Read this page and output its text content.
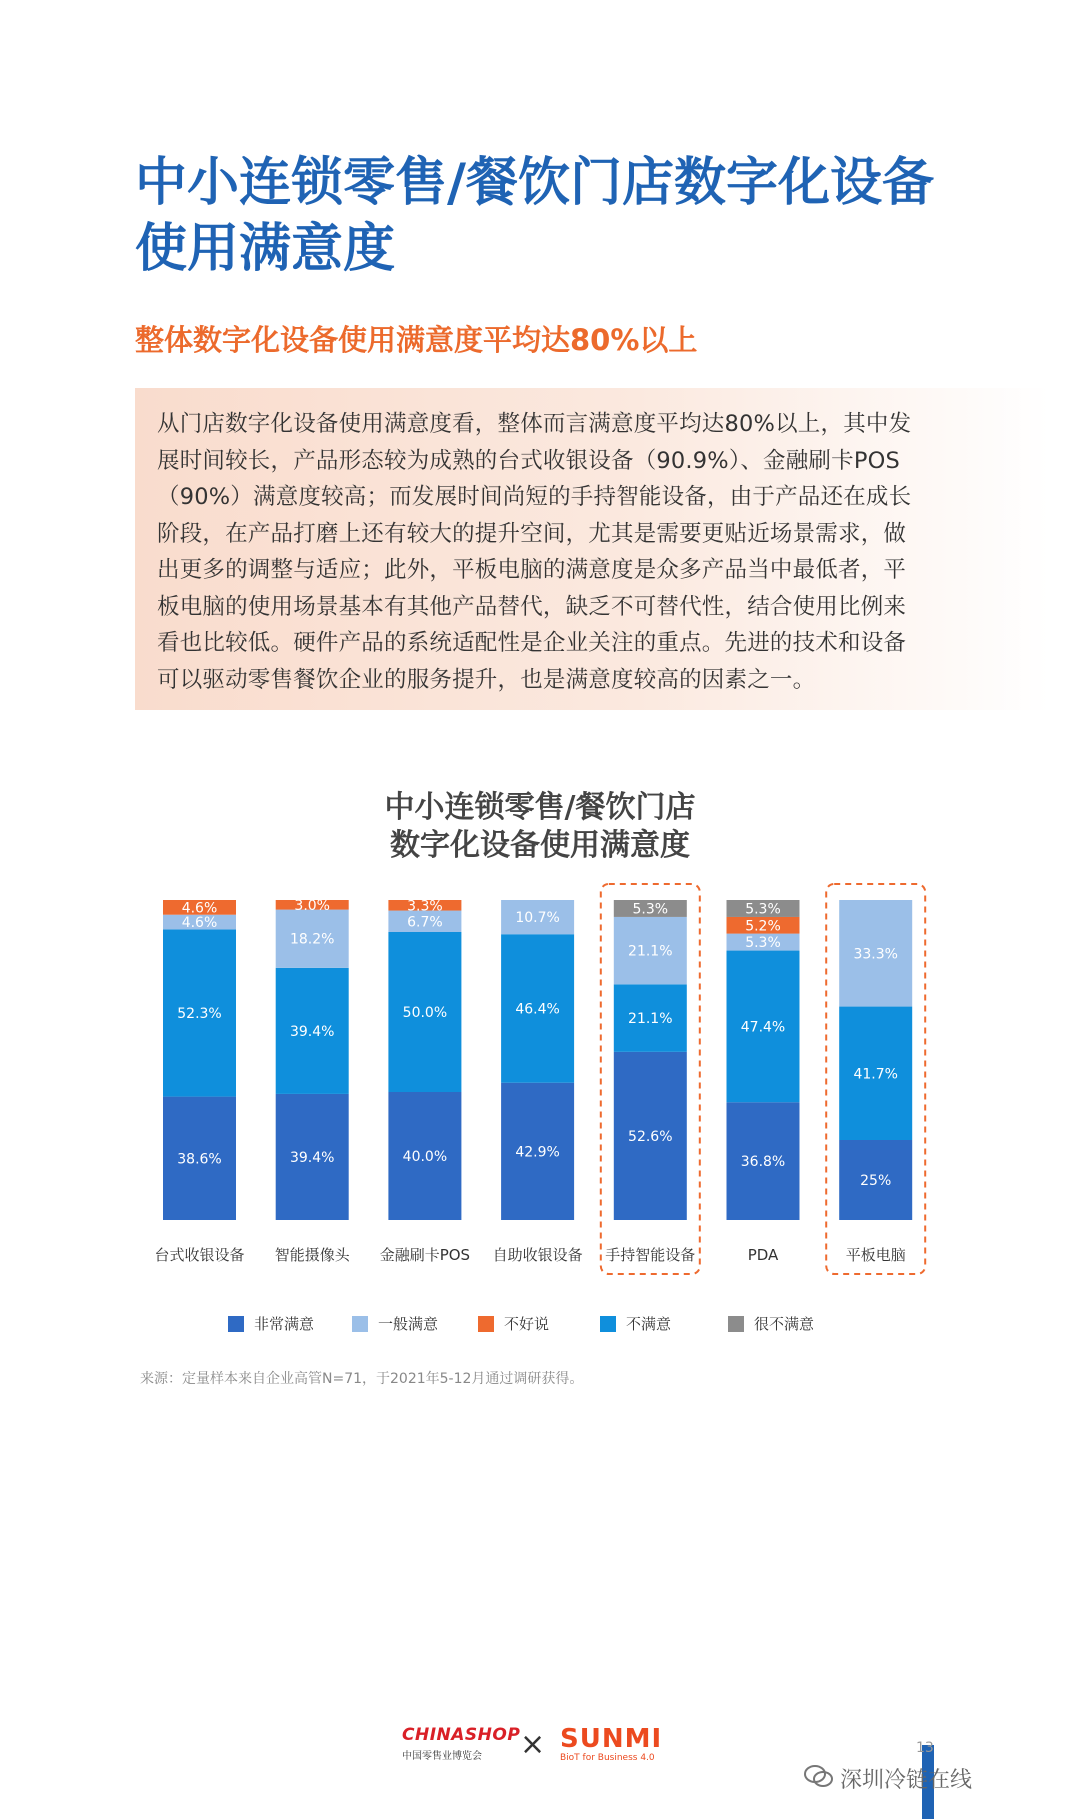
中小连锁零售/餐饮门店数字化设备
使用满意度
整体数字化设备使用满意度平均达80%以上

从门店数字化设备使用满意度看，整体而言满意度平均达80%以上，其中发

展时间较长，产品形态较为成熟的台式收银设备（90.9%）、金融刷卡POS

（90%）满意度较高；而发展时间尚短的手持智能设备，由于产品还在成长

阶段，在产品打磨上还有较大的提升空间，尤其是需要更贴近场景需求，做

出更多的调整与适应；此外，平板电脑的满意度是众多产品当中最低者，平

板电脑的使用场景基本有其他产品替代，缺乏不可替代性，结合使用比例来

看也比较低。硬件产品的系统适配性是企业关注的重点。先进的技术和设备

可以驱动零售餐饮企业的服务提升，也是满意度较高的因素之一。

中小连锁零售/餐饮门店
数字化设备使用满意度
38.6%
52.3%
4.6%
4.6%
台式收银设备
39.4%
39.4%
18.2%
3.0%
智能摄像头
40.0%
50.0%
6.7%
3.3%
金融刷卡POS
42.9%
46.4%
10.7%
自助收银设备
52.6%
21.1%
21.1%
5.3%
手持智能设备
36.8%
47.4%
5.3%
5.2%
5.3%
PDA
25%
41.7%
33.3%
平板电脑
非常满意	一般满意	不好说	不满意	很不满意
来源：定量样本来自企业高管N=71，于2021年5-12月通过调研获得。
CHINASHOP
中国零售业博览会	× SUNMI
BioT for Business 4.0
13
深圳冷链在线
